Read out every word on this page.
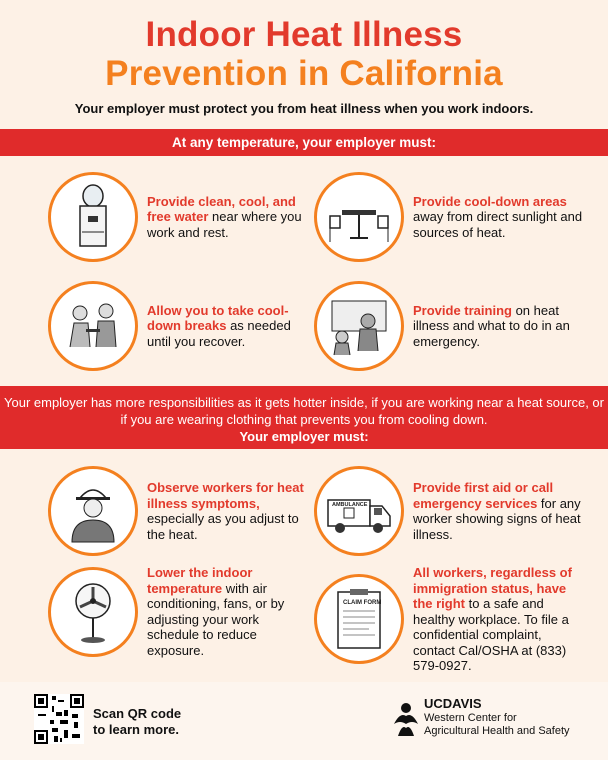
Indoor Heat Illness
Prevention in California
Your employer must protect you from heat illness when you work indoors.
At any temperature, your employer must:
Provide clean, cool, and free water near where you work and rest.
Provide cool-down areas away from direct sunlight and sources of heat.
Allow you to take cool-down breaks as needed until you recover.
Provide training on heat illness and what to do in an emergency.
Your employer has more responsibilities as it gets hotter inside, if you are working near a heat source, or if you are wearing clothing that prevents you from cooling down.
Your employer must:
Observe workers for heat illness symptoms, especially as you adjust to the heat.
AMBULANCE
Provide first aid or call emergency services for any worker showing signs of heat illness.
Lower the indoor temperature with air conditioning, fans, or by adjusting your work schedule to reduce exposure.
CLAIM FORM
All workers, regardless of immigration status, have the right to a safe and healthy workplace. To file a confidential complaint, contact Cal/OSHA at (833) 579-0927.
Scan QR code
to learn more.
UCDAVIS
Western Center for
Agricultural Health and Safety
